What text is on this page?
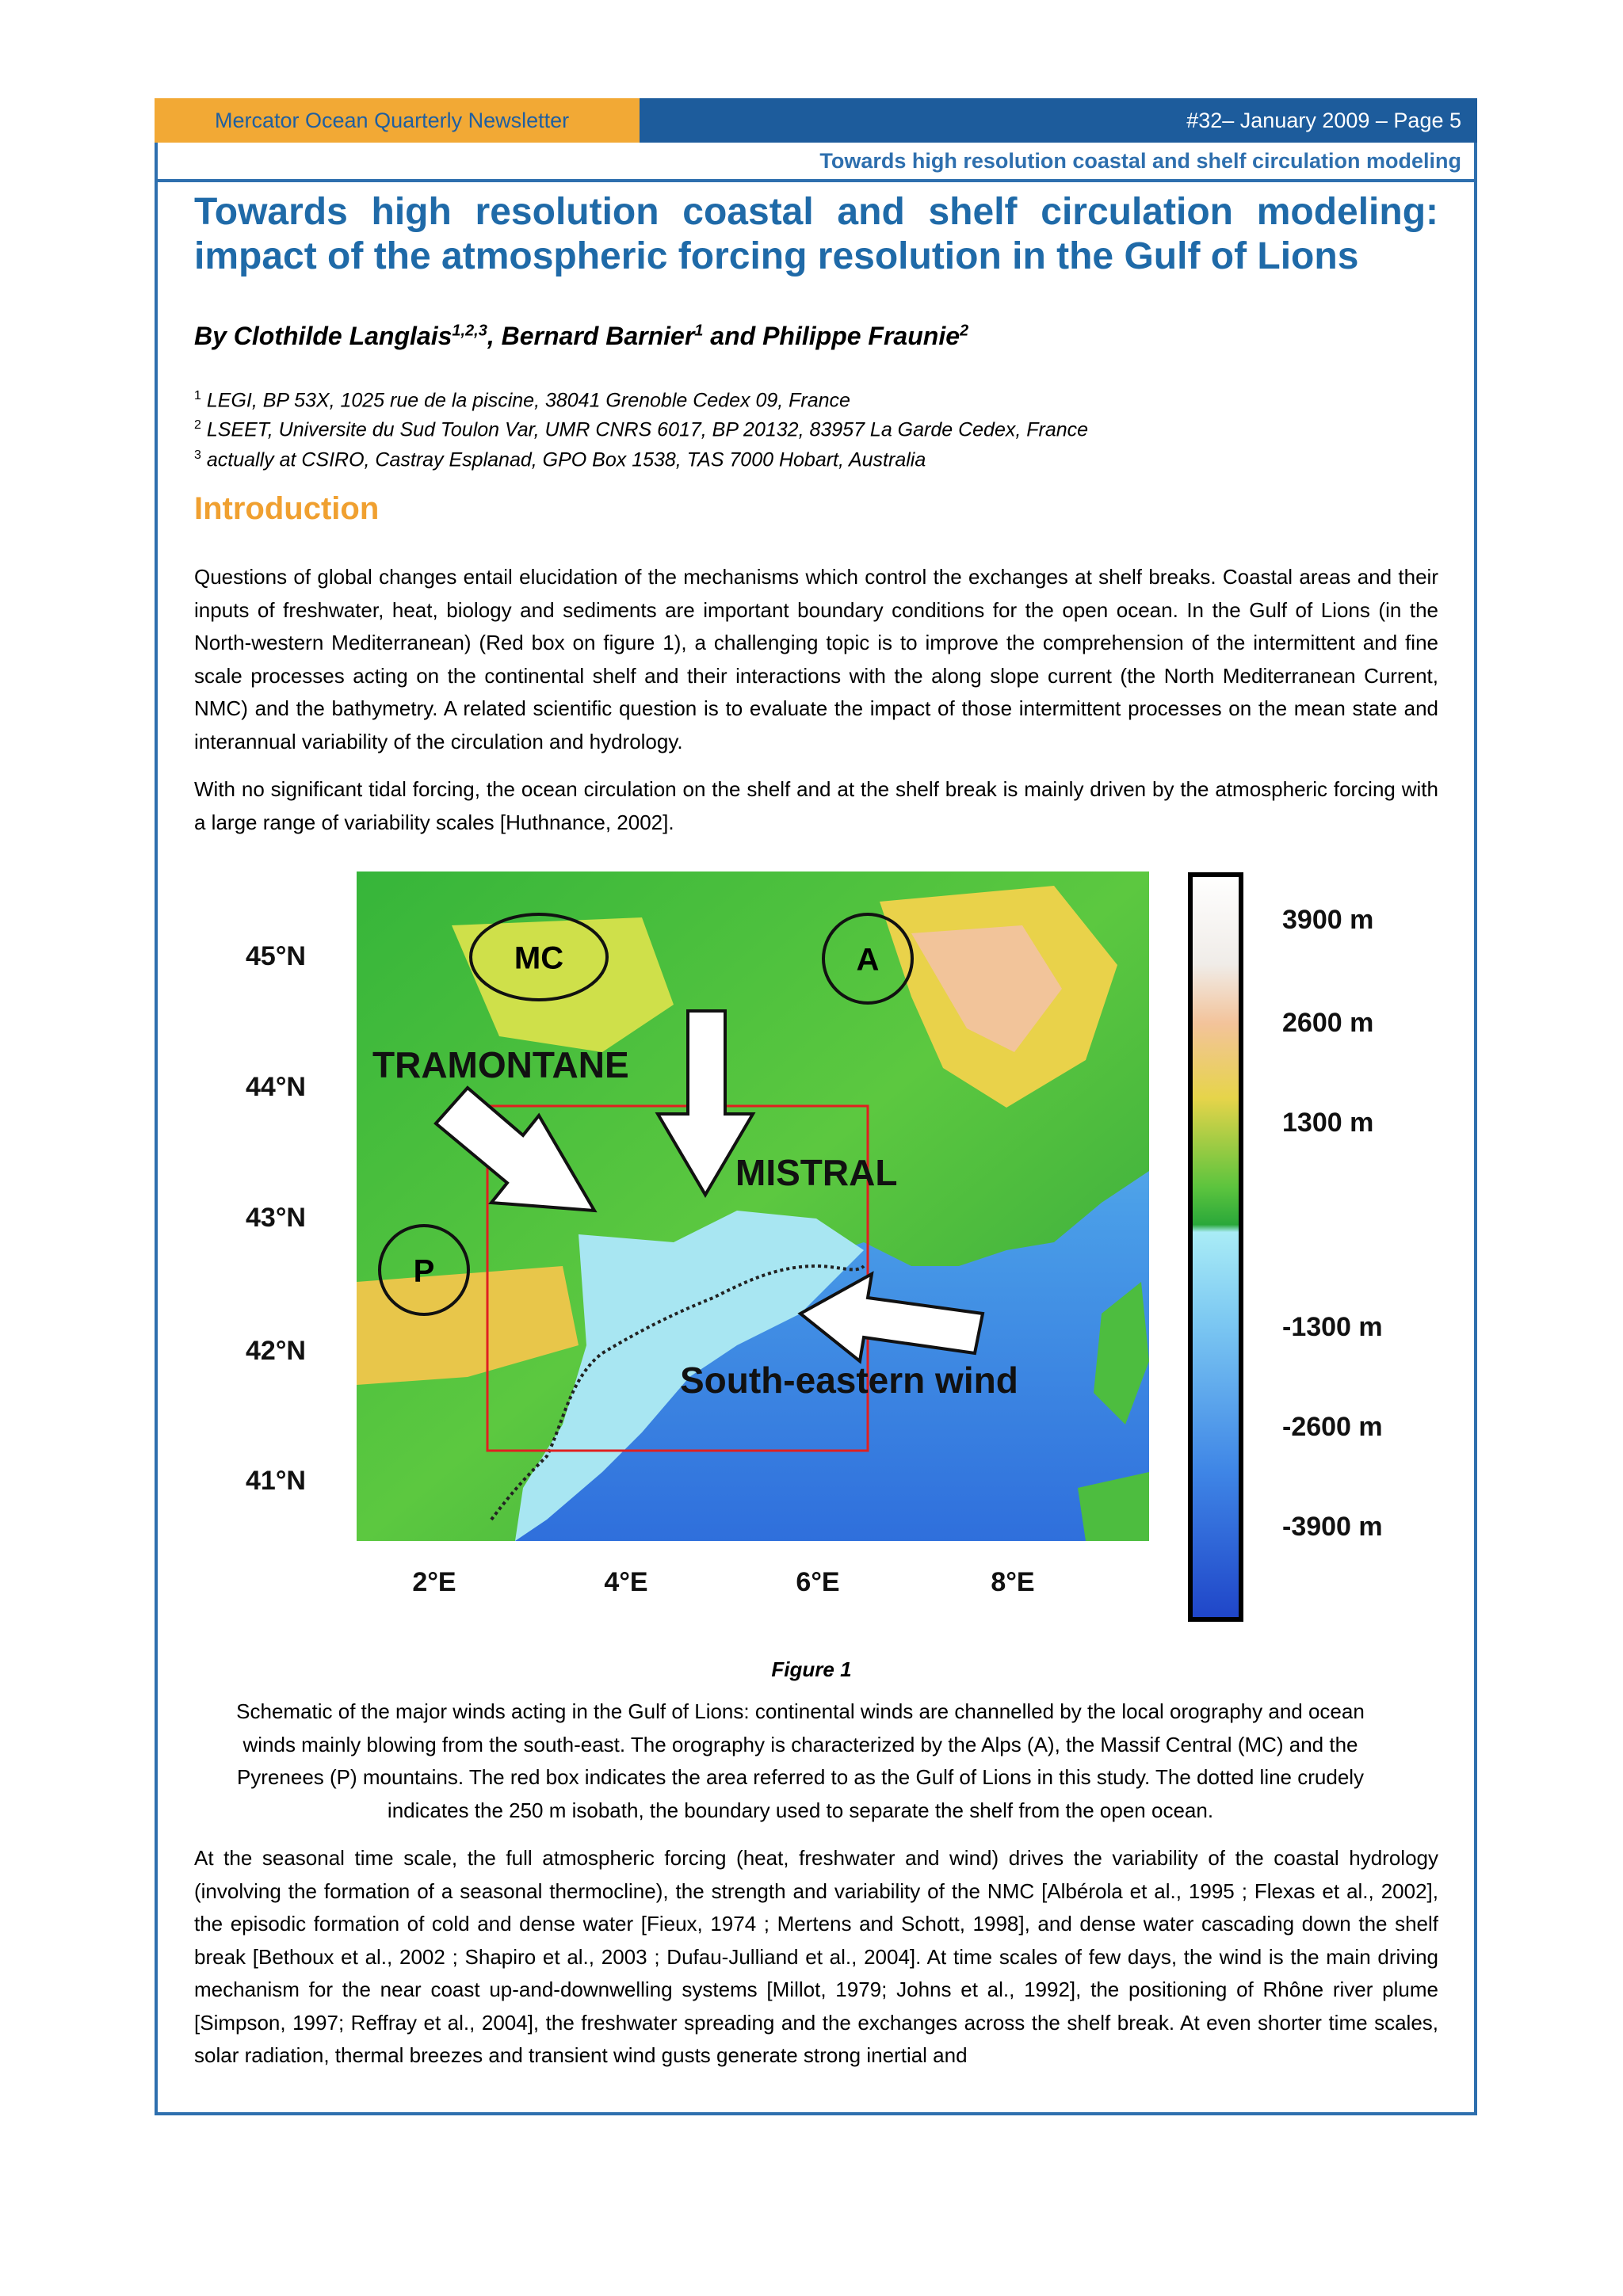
Mercator Ocean Quarterly Newsletter	#32– January 2009 – Page 5
Towards high resolution coastal and shelf circulation modeling
Towards high resolution coastal and shelf circulation modeling:
impact of the atmospheric forcing resolution in the Gulf of Lions
By Clothilde Langlais$^{1,2,3}$, Bernard Barnier$^1$ and Philippe Fraunie$^2$
$^1$ LEGI, BP 53X, 1025 rue de la piscine, 38041 Grenoble Cedex 09, France
$^2$ LSEET, Universite du Sud Toulon Var, UMR CNRS 6017, BP 20132, 83957 La Garde Cedex, France
$^3$ actually at CSIRO, Castray Esplanad, GPO Box 1538, TAS 7000 Hobart, Australia
Introduction

Questions of global changes entail elucidation of the mechanisms which control the exchanges at shelf breaks. Coastal areas and their inputs of freshwater, heat, biology and sediments are important boundary conditions for the open ocean. In the Gulf of Lions (in the North-western Mediterranean) (Red box on figure 1), a challenging topic is to improve the comprehension of the intermittent and fine scale processes acting on the continental shelf and their interactions with the along slope current (the North Mediterranean Current, NMC) and the bathymetry. A related scientific question is to evaluate the impact of those intermittent processes on the mean state and interannual variability of the circulation and hydrology.

With no significant tidal forcing, the ocean circulation on the shelf and at the shelf break is mainly driven by the atmospheric forcing with a large range of variability scales [Huthnance, 2002].

MC	A
P
TRAMONTANE
MISTRAL
South-eastern wind
45°N
44°N
43°N
42°N
41°N
2°E	4°E	6°E	8°E
3900 m
2600 m
1300 m
-1300 m
-2600 m
-3900 m
Figure 1

Schematic of the major winds acting in the Gulf of Lions: continental winds are channelled by the local orography and ocean winds mainly blowing from the south-east. The orography is characterized by the Alps (A), the Massif Central (MC) and the Pyrenees (P) mountains. The red box indicates the area referred to as the Gulf of Lions in this study. The dotted line crudely indicates the 250 m isobath, the boundary used to separate the shelf from the open ocean.

At the seasonal time scale, the full atmospheric forcing (heat, freshwater and wind) drives the variability of the coastal hydrology (involving the formation of a seasonal thermocline), the strength and variability of the NMC [Albérola et al., 1995 ; Flexas et al., 2002], the episodic formation of cold and dense water [Fieux, 1974 ; Mertens and Schott, 1998], and dense water cascading down the shelf break [Bethoux et al., 2002 ; Shapiro et al., 2003 ; Dufau-Julliand et al., 2004]. At time scales of few days, the wind is the main driving mechanism for the near coast up-and-downwelling systems [Millot, 1979; Johns et al., 1992], the positioning of Rhône river plume [Simpson, 1997; Reffray et al., 2004], the freshwater spreading and the exchanges across the shelf break. At even shorter time scales, solar radiation, thermal breezes and transient wind gusts generate strong inertial and
